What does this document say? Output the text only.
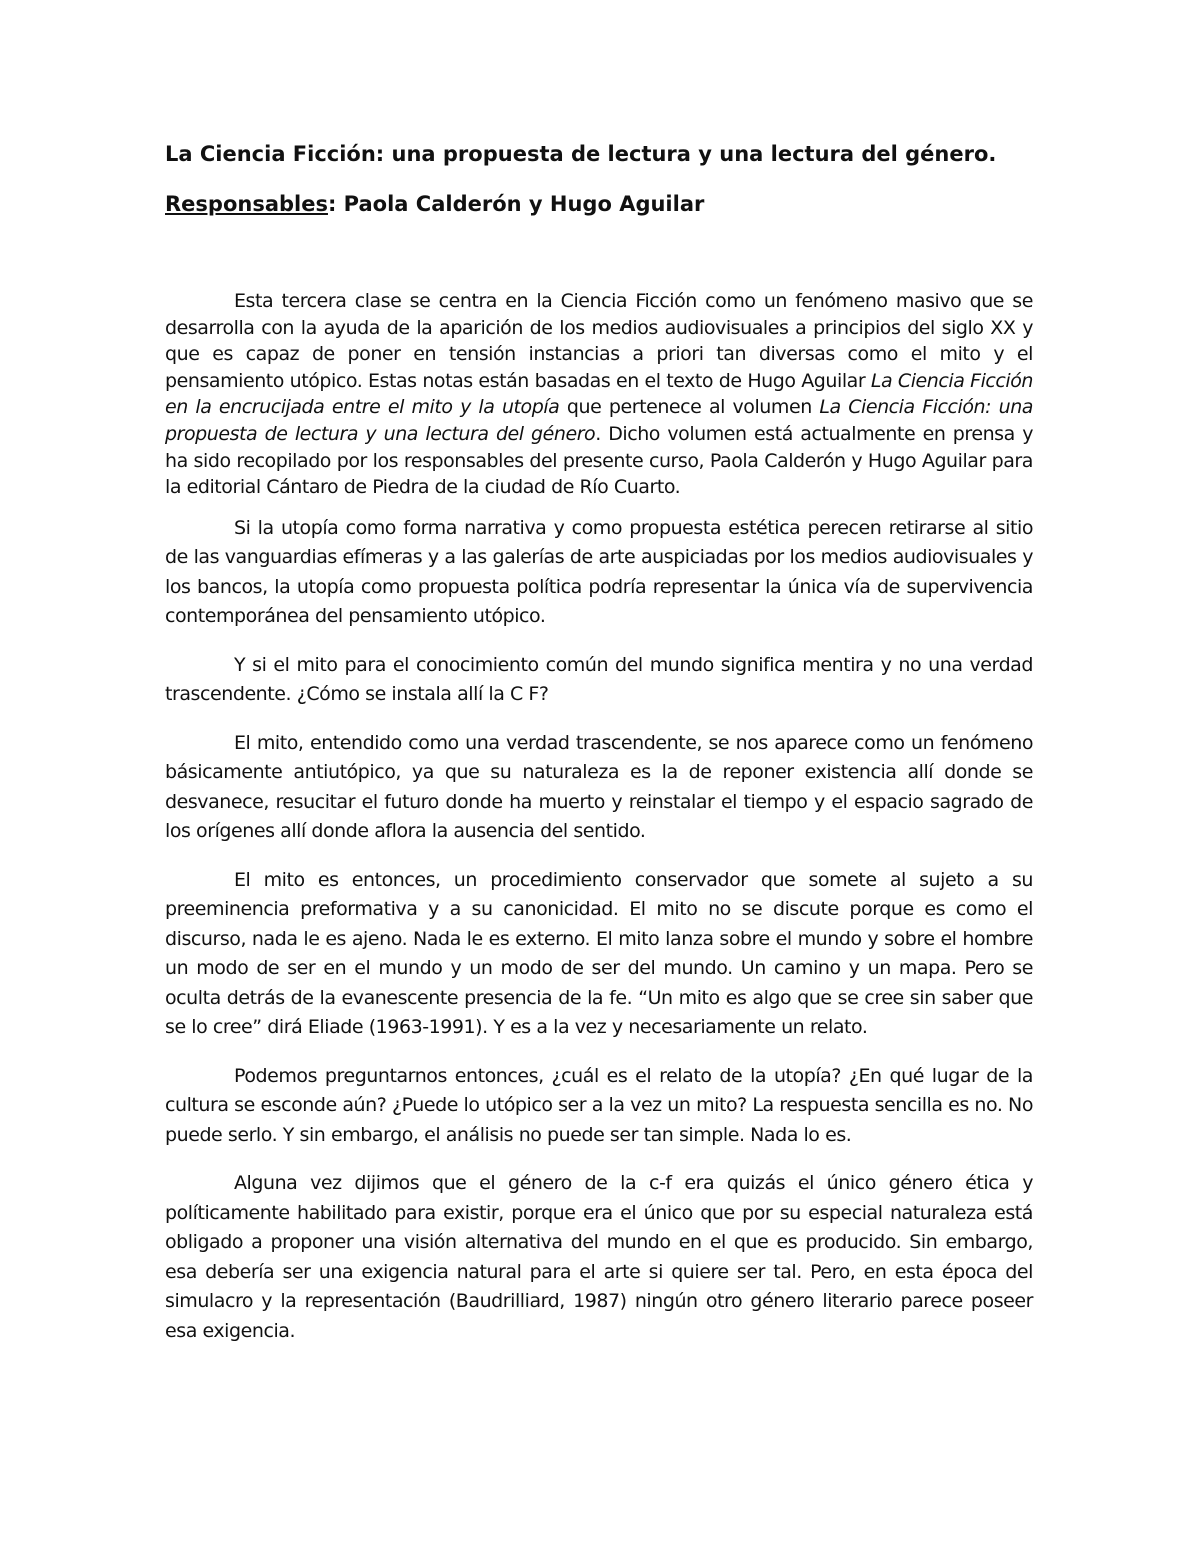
La Ciencia Ficción: una propuesta de lectura y una lectura del género.
Responsables: Paola Calderón y Hugo Aguilar

Esta tercera clase se centra en la Ciencia Ficción como un fenómeno masivo que se desarrolla con la ayuda de la aparición de los medios audiovisuales a principios del siglo XX y que es capaz de poner en tensión instancias a priori tan diversas como el mito y el pensamiento utópico. Estas notas están basadas en el texto de Hugo Aguilar La Ciencia Ficción en la encrucijada entre el mito y la utopía que pertenece al volumen La Ciencia Ficción: una propuesta de lectura y una lectura del género. Dicho volumen está actualmente en prensa y ha sido recopilado por los responsables del presente curso, Paola Calderón y Hugo Aguilar para la editorial Cántaro de Piedra de la ciudad de Río Cuarto.

Si la utopía como forma narrativa y como propuesta estética perecen retirarse al sitio de las vanguardias efímeras y a las galerías de arte auspiciadas por los medios audiovisuales y los bancos, la utopía como propuesta política podría representar la única vía de supervivencia contemporánea del pensamiento utópico.

Y si el mito para el conocimiento común del mundo significa mentira y no una verdad trascendente. ¿Cómo se instala allí la C F?

El mito, entendido como una verdad trascendente, se nos aparece como un fenómeno básicamente antiutópico, ya que su naturaleza es la de reponer existencia allí donde se desvanece, resucitar el futuro donde ha muerto y reinstalar el tiempo y el espacio sagrado de los orígenes allí donde aflora la ausencia del sentido.

El mito es entonces, un procedimiento conservador que somete al sujeto a su preeminencia preformativa y a su canonicidad. El mito no se discute porque es como el discurso, nada le es ajeno. Nada le es externo. El mito lanza sobre el mundo y sobre el hombre un modo de ser en el mundo y un modo de ser del mundo. Un camino y un mapa. Pero se oculta detrás de la evanescente presencia de la fe. “Un mito es algo que se cree sin saber que se lo cree” dirá Eliade (1963-1991). Y es a la vez y necesariamente un relato.

Podemos preguntarnos entonces, ¿cuál es el relato de la utopía? ¿En qué lugar de la cultura se esconde aún? ¿Puede lo utópico ser a la vez un mito? La respuesta sencilla es no. No puede serlo. Y sin embargo, el análisis no puede ser tan simple. Nada lo es.

Alguna vez dijimos que el género de la c-f era quizás el único género ética y políticamente habilitado para existir, porque era el único que por su especial naturaleza está obligado a proponer una visión alternativa del mundo en el que es producido. Sin embargo, esa debería ser una exigencia natural para el arte si quiere ser tal. Pero, en esta época del simulacro y la representación (Baudrilliard, 1987) ningún otro género literario parece poseer esa exigencia.
